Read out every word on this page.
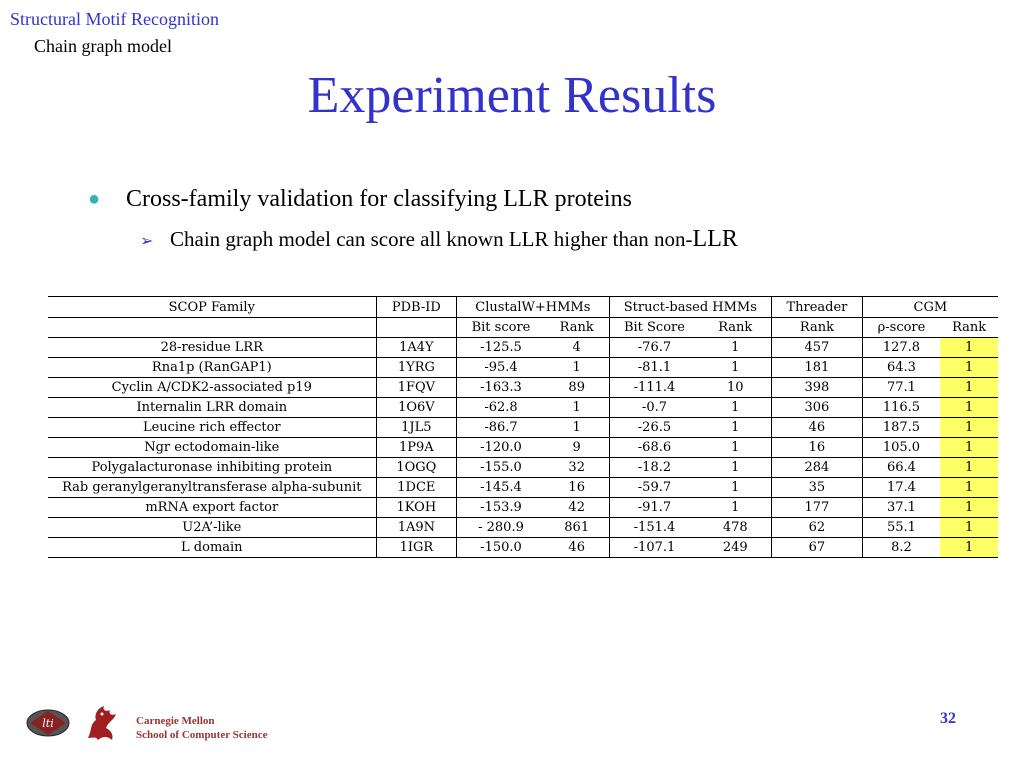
Structural Motif Recognition
Chain graph model
Experiment Results
●	Cross-family validation for classifying LLR proteins
➢ Chain graph model can score all known LLR higher than non- LLR
SCOP Family	PDB-ID	ClustalW+HMMs		Struct-based HMMs		Threader	CGM	
		Bit score	Rank	Bit Score	Rank	Rank	ρ-score	Rank
28-residue LRR	1A4Y	-125.5	4	-76.7	1	457	127.8	1
Rna1p (RanGAP1)	1YRG	-95.4	1	-81.1	1	181	64.3	1
Cyclin A/CDK2-associated p19	1FQV	-163.3	89	-111.4	10	398	77.1	1
Internalin LRR domain	1O6V	-62.8	1	-0.7	1	306	116.5	1
Leucine rich effector	1JL5	-86.7	1	-26.5	1	46	187.5	1
Ngr ectodomain-like	1P9A	-120.0	9	-68.6	1	16	105.0	1
Polygalacturonase inhibiting protein	1OGQ	-155.0	32	-18.2	1	284	66.4	1
Rab geranylgeranyltransferase alpha-subunit	1DCE	-145.4	16	-59.7	1	35	17.4	1
mRNA export factor	1KOH	-153.9	42	-91.7	1	177	37.1	1
U2A’-like	1A9N	- 280.9	861	-151.4	478	62	55.1	1
L domain	1IGR	-150.0	46	-107.1	249	67	8.2	1
lti	Carnegie Mellon
School of Computer Science
32
